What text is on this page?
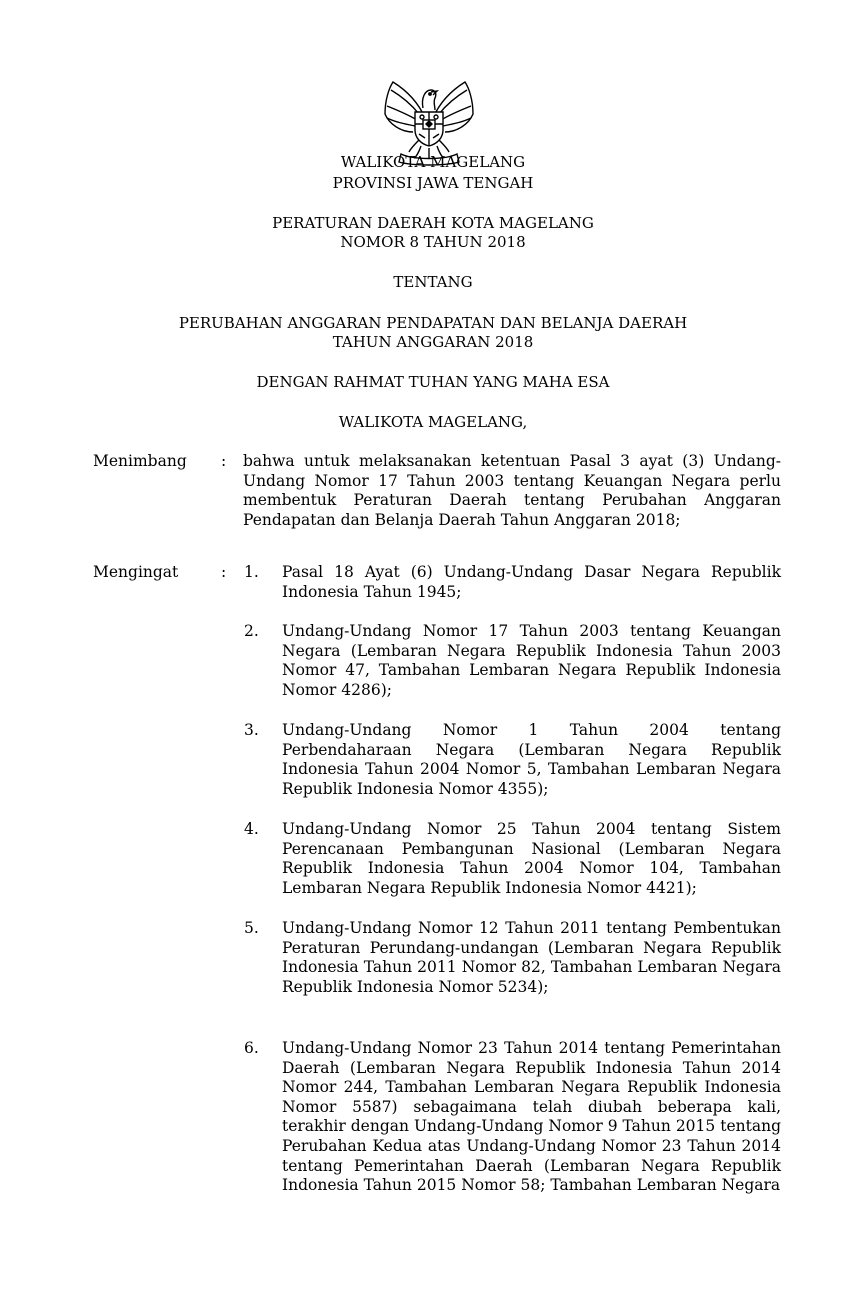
WALIKOTA MAGELANG
PROVINSI JAWA TENGAH
PERATURAN DAERAH KOTA MAGELANG
NOMOR 8 TAHUN 2018
TENTANG
PERUBAHAN ANGGARAN PENDAPATAN DAN BELANJA DAERAH
TAHUN ANGGARAN 2018
DENGAN RAHMAT TUHAN YANG MAHA ESA
WALIKOTA MAGELANG,
Menimbang : bahwa untuk melaksanakan ketentuan Pasal 3 ayat (3) Undang-Undang Nomor 17 Tahun 2003 tentang Keuangan Negara perlu membentuk Peraturan Daerah tentang Perubahan Anggaran Pendapatan dan Belanja Daerah Tahun Anggaran 2018;
Mengingat	: 1. Pasal 18 Ayat (6) Undang-Undang Dasar Negara Republik Indonesia Tahun 1945;
2. Undang-Undang Nomor 17 Tahun 2003 tentang Keuangan Negara (Lembaran Negara Republik Indonesia Tahun 2003 Nomor 47, Tambahan Lembaran Negara Republik Indonesia Nomor 4286);
3. Undang-Undang Nomor 1 Tahun 2004 tentang Perbendaharaan Negara (Lembaran Negara Republik Indonesia Tahun 2004 Nomor 5, Tambahan Lembaran Negara Republik Indonesia Nomor 4355);
4. Undang-Undang Nomor 25 Tahun 2004 tentang Sistem Perencanaan Pembangunan Nasional (Lembaran Negara Republik Indonesia Tahun 2004 Nomor 104, Tambahan Lembaran Negara Republik Indonesia Nomor 4421);
5. Undang-Undang Nomor 12 Tahun 2011 tentang Pembentukan Peraturan Perundang-undangan (Lembaran Negara Republik Indonesia Tahun 2011 Nomor 82, Tambahan Lembaran Negara Republik Indonesia Nomor 5234);
6. Undang-Undang Nomor 23 Tahun 2014 tentang Pemerintahan Daerah (Lembaran Negara Republik Indonesia Tahun 2014 Nomor 244, Tambahan Lembaran Negara Republik Indonesia Nomor 5587) sebagaimana telah diubah beberapa kali, terakhir dengan Undang-Undang Nomor 9 Tahun 2015 tentang Perubahan Kedua atas Undang-Undang Nomor 23 Tahun 2014 tentang Pemerintahan Daerah (Lembaran Negara Republik Indonesia Tahun 2015 Nomor 58; Tambahan Lembaran Negara
